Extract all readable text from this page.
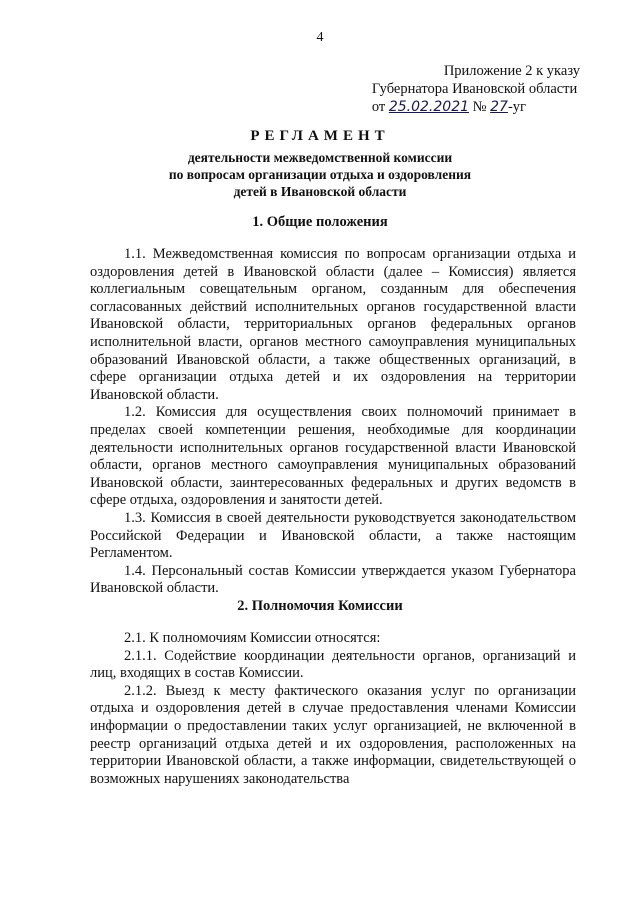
4
Приложение 2 к указу
Губернатора Ивановской области
от 25.02.2021 № 27-уг
РЕГЛАМЕНТ
деятельности межведомственной комиссии
по вопросам организации отдыха и оздоровления
детей в Ивановской области
1. Общие положения

1.1. Межведомственная комиссия по вопросам организации отдыха и оздоровления детей в Ивановской области (далее – Комиссия) является коллегиальным совещательным органом, созданным для обеспечения согласованных действий исполнительных органов государственной власти Ивановской области, территориальных органов федеральных органов исполнительной власти, органов местного самоуправления муниципальных образований Ивановской области, а также общественных организаций, в сфере организации отдыха детей и их оздоровления на территории Ивановской области.

1.2. Комиссия для осуществления своих полномочий принимает в пределах своей компетенции решения, необходимые для координации деятельности исполнительных органов государственной власти Ивановской области, органов местного самоуправления муниципальных образований Ивановской области, заинтересованных федеральных и других ведомств в сфере отдыха, оздоровления и занятости детей.

1.3. Комиссия в своей деятельности руководствуется законодательством Российской Федерации и Ивановской области, а также настоящим Регламентом.

1.4. Персональный состав Комиссии утверждается указом Губернатора Ивановской области.

2. Полномочия Комиссии

2.1. К полномочиям Комиссии относятся:

2.1.1. Содействие координации деятельности органов, организаций и лиц, входящих в состав Комиссии.

2.1.2. Выезд к месту фактического оказания услуг по организации отдыха и оздоровления детей в случае предоставления членами Комиссии информации о предоставлении таких услуг организацией, не включенной в реестр организаций отдыха детей и их оздоровления, расположенных на территории Ивановской области, а также информации, свидетельствующей о возможных нарушениях законодательства
